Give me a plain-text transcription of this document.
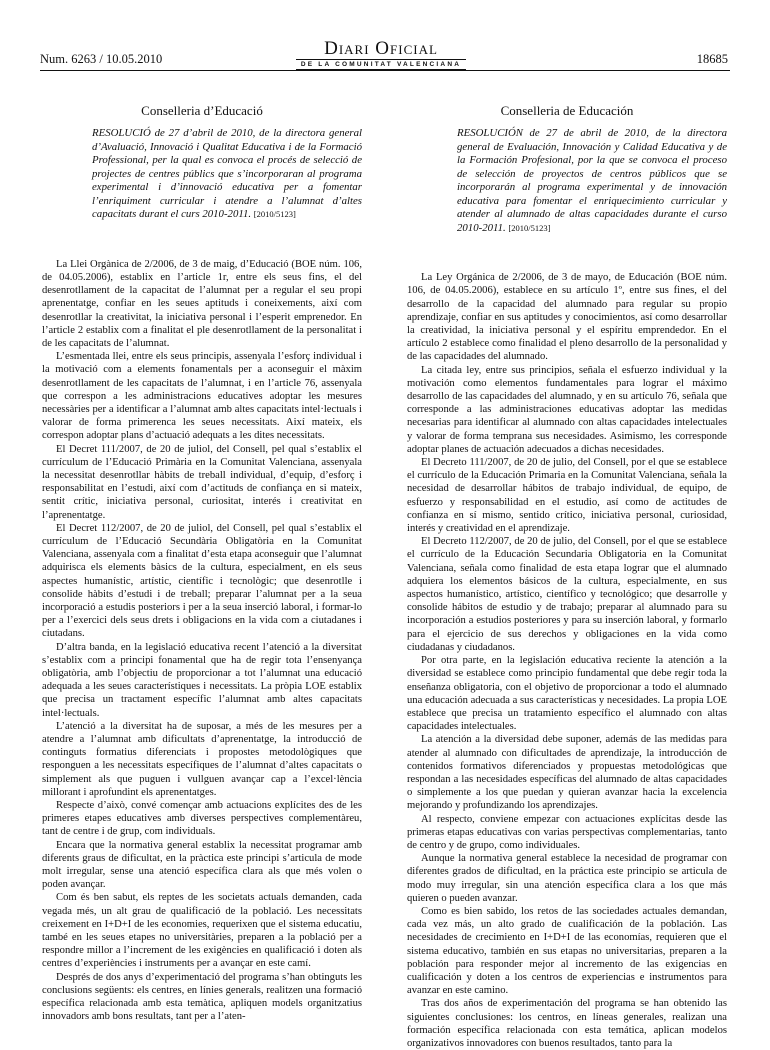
Num. 6263 / 10.05.2010	Diari Oficial
DE LA COMUNITAT VALENCIANA	18685
Conselleria d’Educació

RESOLUCIÓ de 27 d’abril de 2010, de la directora general d’Avaluació, Innovació i Qualitat Educativa i de la Formació Professional, per la qual es convoca el procés de selecció de projectes de centres públics que s’incorporaran al programa experimental i d’innovació educativa per a fomentar l’enriquiment curricular i atendre a l’alumnat d’altes capacitats durant el curs 2010-2011. [2010/5123]

La Llei Orgànica de 2/2006, de 3 de maig, d’Educació (BOE núm. 106, de 04.05.2006), establix en l’article 1r, entre els seus fins, el del desenrotllament de la capacitat de l’alumnat per a regular el seu propi aprenentatge, confiar en les seues aptituds i coneixements, així com desenrotllar la creativitat, la iniciativa personal i l’esperit emprenedor. En l’article 2 establix com a finalitat el ple desenrotllament de la personalitat i de les capacitats de l’alumnat.

L’esmentada llei, entre els seus principis, assenyala l’esforç individual i la motivació com a elements fonamentals per a aconseguir el màxim desenrotllament de les capacitats de l’alumnat, i en l’article 76, assenyala que correspon a les administracions educatives adoptar les mesures necessàries per a identificar a l’alumnat amb altes capacitats intel·lectuals i valorar de forma primerenca les seues necessitats. Així mateix, els correspon adoptar plans d’actuació adequats a les dites necessitats.

El Decret 111/2007, de 20 de juliol, del Consell, pel qual s’establix el currículum de l’Educació Primària en la Comunitat Valenciana, assenyala la necessitat desenrotllar hàbits de treball individual, d’equip, d’esforç i responsabilitat en l’estudi, així com d’actituds de confiança en si mateix, sentit crític, iniciativa personal, curiositat, interés i creativitat en l’aprenentatge.

El Decret 112/2007, de 20 de juliol, del Consell, pel qual s’establix el currículum de l’Educació Secundària Obligatòria en la Comunitat Valenciana, assenyala com a finalitat d’esta etapa aconseguir que l’alumnat adquirisca els elements bàsics de la cultura, especialment, en els seus aspectes humanístic, artístic, científic i tecnològic; que desenrotlle i consolide hàbits d’estudi i de treball; preparar l’alumnat per a la seua incorporació a estudis posteriors i per a la seua inserció laboral, i formar-lo per a l’exercici dels seus drets i obligacions en la vida com a ciutadanes i ciutadans.

D’altra banda, en la legislació educativa recent l’atenció a la diversitat s’establix com a principi fonamental que ha de regir tota l’ensenyança obligatòria, amb l’objectiu de proporcionar a tot l’alumnat una educació adequada a les seues característiques i necessitats. La pròpia LOE establix que precisa un tractament específic l’alumnat amb altes capacitats intel·lectuals.

L’atenció a la diversitat ha de suposar, a més de les mesures per a atendre a l’alumnat amb dificultats d’aprenentatge, la introducció de continguts formatius diferenciats i propostes metodològiques que responguen a les necessitats específiques de l’alumnat d’altes capacitats o simplement als que puguen i vullguen avançar cap a l’excel·lència millorant i aprofundint els aprenentatges.

Respecte d’això, convé començar amb actuacions explícites des de les primeres etapes educatives amb diverses perspectives complementàreu, tant de centre i de grup, com individuals.

Encara que la normativa general establix la necessitat programar amb diferents graus de dificultat, en la pràctica este principi s’articula de mode molt irregular, sense una atenció específica clara als que més volen o poden avançar.

Com és ben sabut, els reptes de les societats actuals demanden, cada vegada més, un alt grau de qualificació de la població. Les necessitats creixement en I+D+I de les economies, requerixen que el sistema educatiu, també en les seues etapes no universitàries, preparen a la població per a respondre millor a l’increment de les exigències en qualificació i doten als centres d’experiències i instruments per a avançar en este camí.

Després de dos anys d’experimentació del programa s’han obtinguts les conclusions següents: els centres, en línies generals, realitzen una formació específica relacionada amb esta temàtica, apliquen models organitzatius innovadors amb bons resultats, tant per a l’aten-

Conselleria de Educación

RESOLUCIÓN de 27 de abril de 2010, de la directora general de Evaluación, Innovación y Calidad Educativa y de la Formación Profesional, por la que se convoca el proceso de selección de proyectos de centros públicos que se incorporarán al programa experimental y de innovación educativa para fomentar el enriquecimiento curricular y atender al alumnado de altas capacidades durante el curso 2010-2011. [2010/5123]

La Ley Orgánica de 2/2006, de 3 de mayo, de Educación (BOE núm. 106, de 04.05.2006), establece en su artículo 1º, entre sus fines, el del desarrollo de la capacidad del alumnado para regular su propio aprendizaje, confiar en sus aptitudes y conocimientos, así como desarrollar la creatividad, la iniciativa personal y el espíritu emprendedor. En el artículo 2 establece como finalidad el pleno desarrollo de la personalidad y de las capacidades del alumnado.

La citada ley, entre sus principios, señala el esfuerzo individual y la motivación como elementos fundamentales para lograr el máximo desarrollo de las capacidades del alumnado, y en su artículo 76, señala que corresponde a las administraciones educativas adoptar las medidas necesarias para identificar al alumnado con altas capacidades intelectuales y valorar de forma temprana sus necesidades. Asimismo, les corresponde adoptar planes de actuación adecuados a dichas necesidades.

El Decreto 111/2007, de 20 de julio, del Consell, por el que se establece el currículo de la Educación Primaria en la Comunitat Valenciana, señala la necesidad de desarrollar hábitos de trabajo individual, de equipo, de esfuerzo y responsabilidad en el estudio, así como de actitudes de confianza en sí mismo, sentido crítico, iniciativa personal, curiosidad, interés y creatividad en el aprendizaje.

El Decreto 112/2007, de 20 de julio, del Consell, por el que se establece el currículo de la Educación Secundaria Obligatoria en la Comunitat Valenciana, señala como finalidad de esta etapa lograr que el alumnado adquiera los elementos básicos de la cultura, especialmente, en sus aspectos humanístico, artístico, científico y tecnológico; que desarrolle y consolide hábitos de estudio y de trabajo; preparar al alumnado para su incorporación a estudios posteriores y para su inserción laboral, y formarlo para el ejercicio de sus derechos y obligaciones en la vida como ciudadanas y ciudadanos.

Por otra parte, en la legislación educativa reciente la atención a la diversidad se establece como principio fundamental que debe regir toda la enseñanza obligatoria, con el objetivo de proporcionar a todo el alumnado una educación adecuada a sus características y necesidades. La propia LOE establece que precisa un tratamiento específico el alumnado con altas capacidades intelectuales.

La atención a la diversidad debe suponer, además de las medidas para atender al alumnado con dificultades de aprendizaje, la introducción de contenidos formativos diferenciados y propuestas metodológicas que respondan a las necesidades específicas del alumnado de altas capacidades o simplemente a los que puedan y quieran avanzar hacia la excelencia mejorando y profundizando los aprendizajes.

Al respecto, conviene empezar con actuaciones explícitas desde las primeras etapas educativas con varias perspectivas complementarias, tanto de centro y de grupo, como individuales.

Aunque la normativa general establece la necesidad de programar con diferentes grados de dificultad, en la práctica este principio se articula de modo muy irregular, sin una atención específica clara a los que más quieren o pueden avanzar.

Como es bien sabido, los retos de las sociedades actuales demandan, cada vez más, un alto grado de cualificación de la población. Las necesidades de crecimiento en I+D+I de las economías, requieren que el sistema educativo, también en sus etapas no universitarias, preparen a la población para responder mejor al incremento de las exigencias en cualificación y doten a los centros de experiencias e instrumentos para avanzar en este camino.

Tras dos años de experimentación del programa se han obtenido las siguientes conclusiones: los centros, en líneas generales, realizan una formación específica relacionada con esta temática, aplican modelos organizativos innovadores con buenos resultados, tanto para la
